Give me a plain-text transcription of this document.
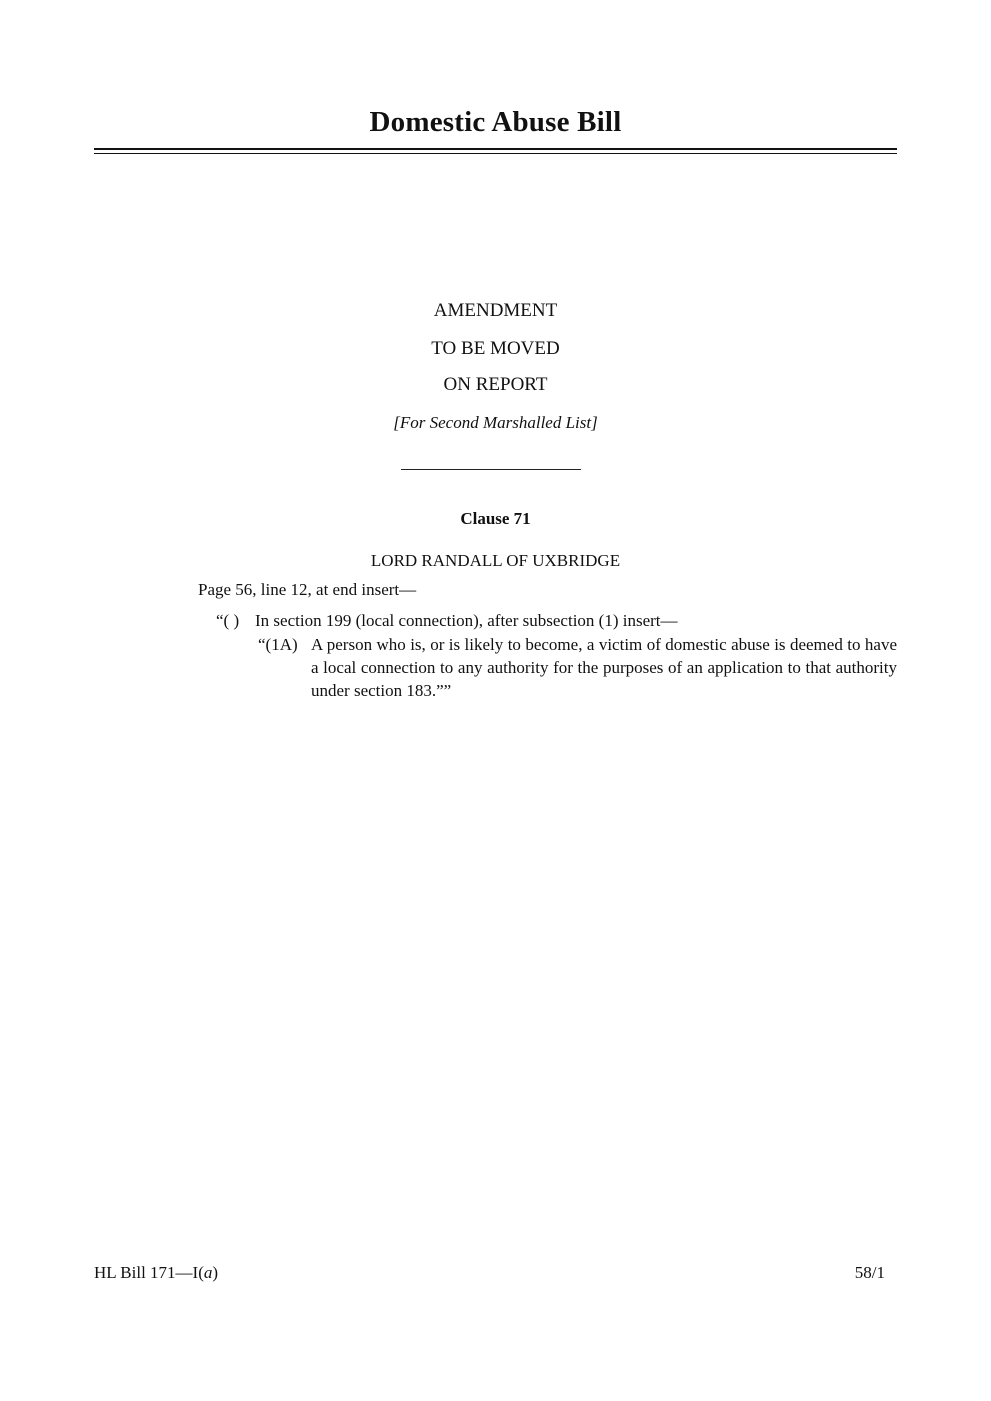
Domestic Abuse Bill
AMENDMENT
TO BE MOVED
ON REPORT
[For Second Marshalled List]
Clause 71
LORD RANDALL OF UXBRIDGE
Page 56, line 12, at end insert—
“( ) In section 199 (local connection), after subsection (1) insert—
“(1A) A person who is, or is likely to become, a victim of domestic abuse is deemed to have a local connection to any authority for the purposes of an application to that authority under section 183.””
HL Bill 171—I(a)	58/1
